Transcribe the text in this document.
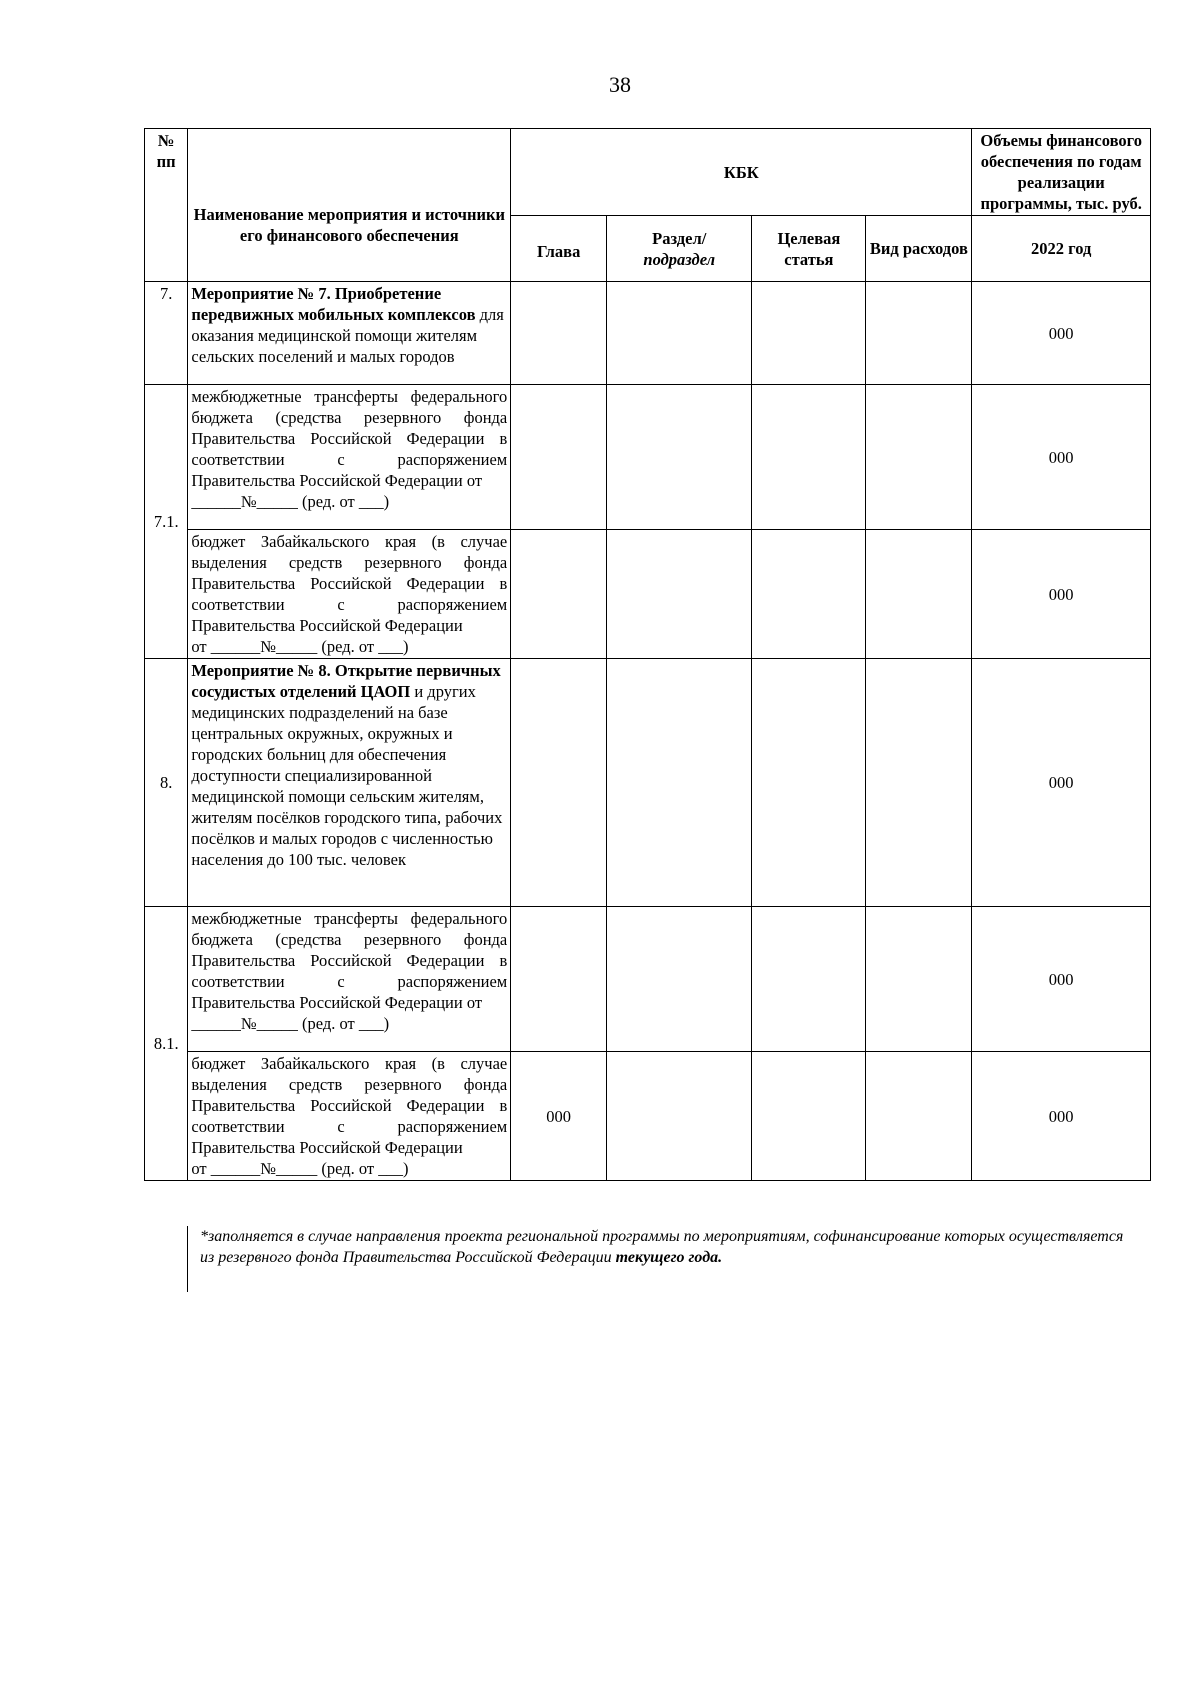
38
№ пп	Наименование мероприятия и источники его финансового обеспечения	КБК				Объемы финансового обеспечения по годам реализации программы, тыс. руб.
		Глава	Раздел/
подраздел	Целевая статья	Вид расходов	2022 год
7.	Мероприятие № 7. Приобретение передвижных мобильных комплексов для оказания медицинской помощи жителям сельских поселений и малых городов					000
7.1.	межбюджетные трансферты федерального бюджета (средства резервного фонда Правительства Российской Федерации в соответствии с распоряжением Правительства Российской Федерации от
______№_____ (ред. от ___)					000
	бюджет Забайкальского края (в случае выделения средств резервного фонда Правительства Российской Федерации в соответствии с распоряжением Правительства Российской Федерации
от ______№_____ (ред. от ___)					000
8.	Мероприятие № 8. Открытие первичных сосудистых отделений ЦАОП и других медицинских подразделений на базе центральных окружных, окружных и городских больниц для обеспечения доступности специализированной медицинской помощи сельским жителям, жителям посёлков городского типа, рабочих посёлков и малых городов с численностью населения до 100 тыс. человек					000
8.1.	межбюджетные трансферты федерального бюджета (средства резервного фонда Правительства Российской Федерации в соответствии с распоряжением Правительства Российской Федерации от
______№_____ (ред. от ___)					000
	бюджет Забайкальского края (в случае выделения средств резервного фонда Правительства Российской Федерации в соответствии с распоряжением Правительства Российской Федерации
от ______№_____ (ред. от ___)	000				000
*заполняется в случае направления проекта региональной программы по мероприятиям, софинансирование которых осуществляется из резервного фонда Правительства Российской Федерации текущего года.
